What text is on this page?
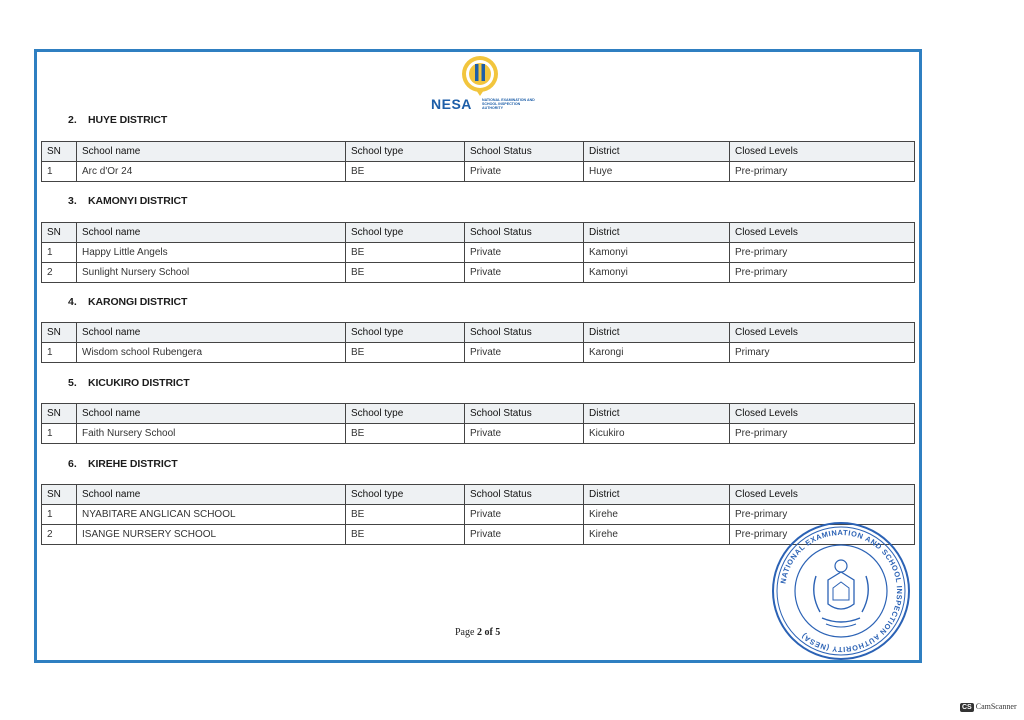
NESA	NATIONAL EXAMINATION AND SCHOOL INSPECTION AUTHORITY
2. HUYE DISTRICT
SN	School name	School type	School Status	District	Closed Levels
1	Arc d'Or 24	BE	Private	Huye	Pre-primary
3. KAMONYI DISTRICT
SN	School name	School type	School Status	District	Closed Levels
1	Happy Little Angels	BE	Private	Kamonyi	Pre-primary
2	Sunlight Nursery School	BE	Private	Kamonyi	Pre-primary
4. KARONGI DISTRICT
SN	School name	School type	School Status	District	Closed Levels
1	Wisdom school Rubengera	BE	Private	Karongi	Primary
5. KICUKIRO DISTRICT
SN	School name	School type	School Status	District	Closed Levels
1	Faith Nursery School	BE	Private	Kicukiro	Pre-primary
6. KIREHE DISTRICT
SN	School name	School type	School Status	District	Closed Levels
1	NYABITARE ANGLICAN SCHOOL	BE	Private	Kirehe	Pre-primary
2	ISANGE NURSERY SCHOOL	BE	Private	Kirehe	Pre-primary
Page 2 of 5
NATIONAL EXAMINATION AND SCHOOL INSPECTION AUTHORITY (NESA)
CS CamScanner
